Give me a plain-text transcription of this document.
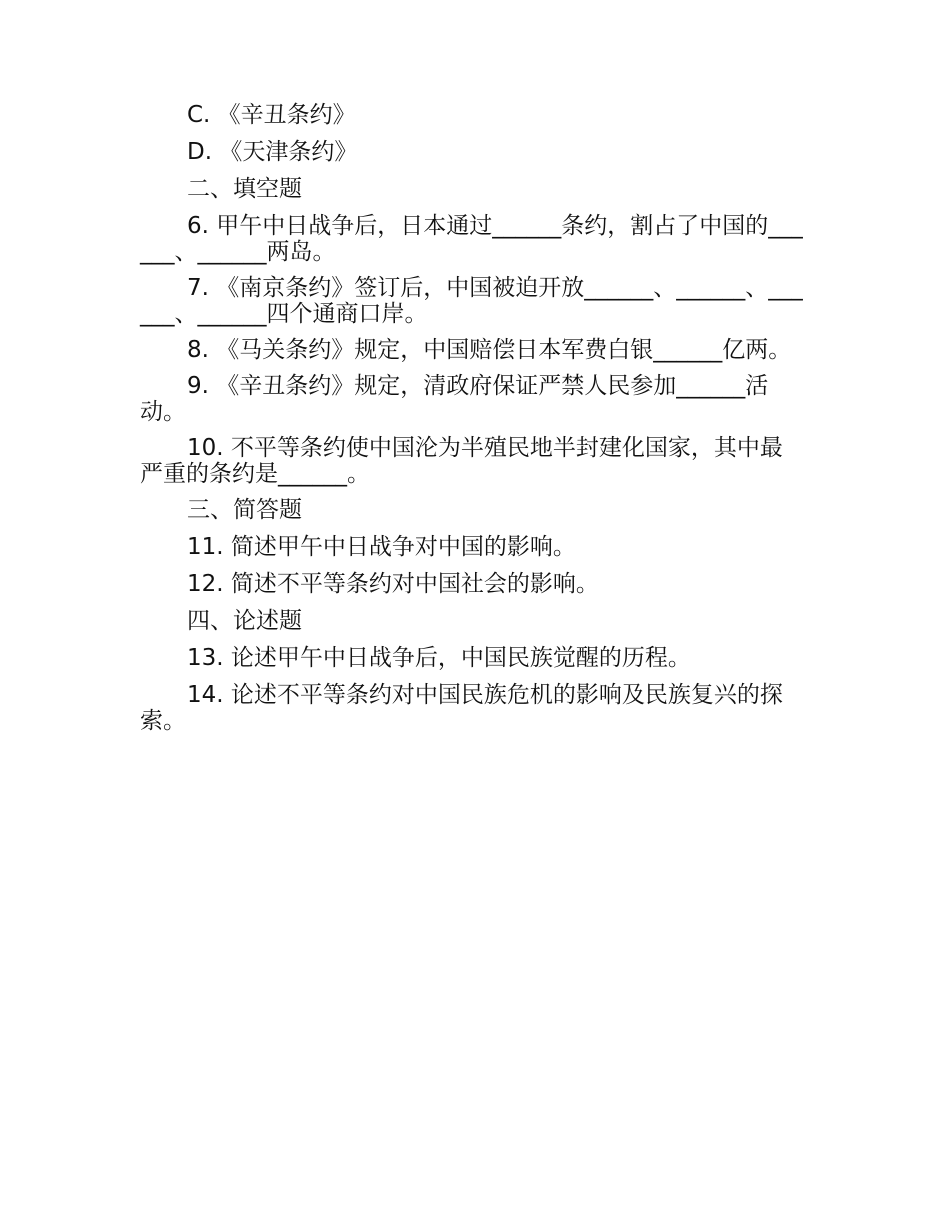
C. 《辛丑条约》
D. 《天津条约》
二、填空题
6. 甲午中日战争后，日本通过______条约，割占了中国的______、______两岛。
7. 《南京条约》签订后，中国被迫开放______、______、______、______四个通商口岸。
8. 《马关条约》规定，中国赔偿日本军费白银______亿两。
9. 《辛丑条约》规定，清政府保证严禁人民参加______活动。
10. 不平等条约使中国沦为半殖民地半封建化国家，其中最严重的条约是______。
三、简答题
11. 简述甲午中日战争对中国的影响。
12. 简述不平等条约对中国社会的影响。
四、论述题
13. 论述甲午中日战争后，中国民族觉醒的历程。
14. 论述不平等条约对中国民族危机的影响及民族复兴的探索。
